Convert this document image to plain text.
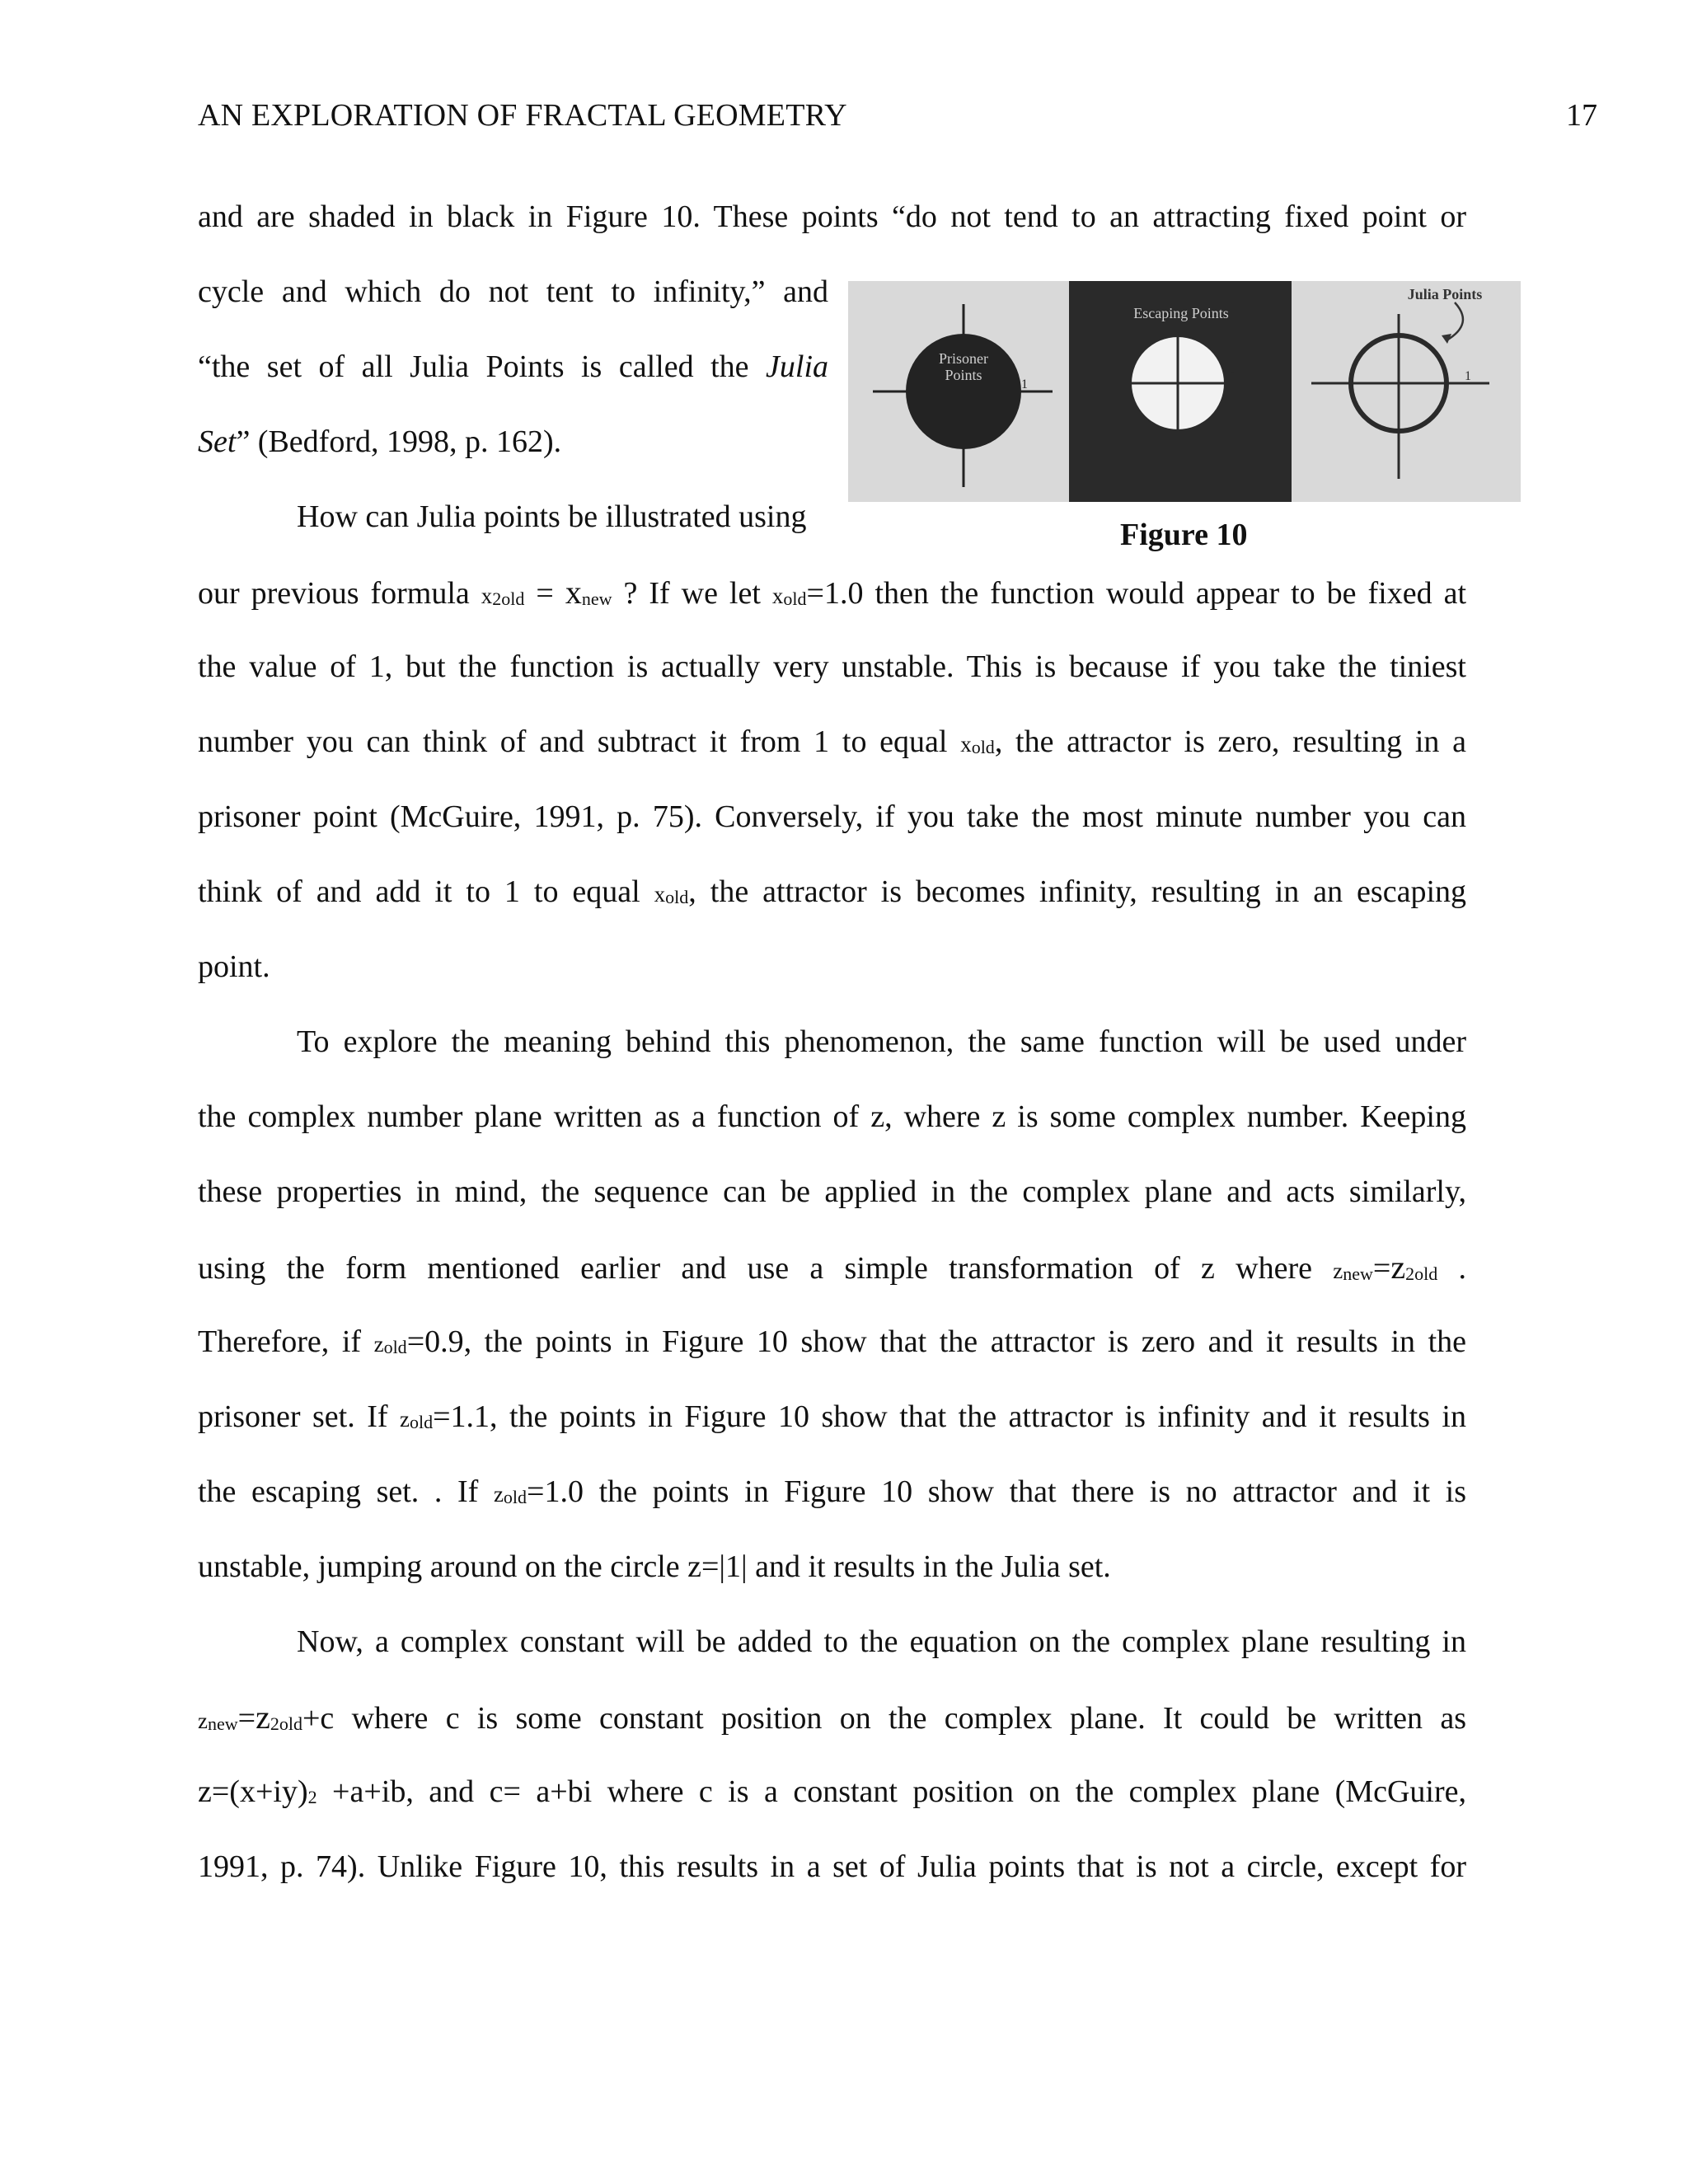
AN EXPLORATION OF FRACTAL GEOMETRY	17
and are shaded in black in Figure 10. These points “do not tend to an attracting fixed point or
cycle and which do not tent to infinity,” and
“the set of all Julia Points is called the Julia
Set” (Bedford, 1998, p. 162).
How can Julia points be illustrated using
Prisoner
Points
1
Escaping Points
1
Julia Points
1
Figure 10
our previous formula x2old = xnew ? If we let xold=1.0 then the function would appear to be fixed at
the value of 1, but the function is actually very unstable. This is because if you take the tiniest
number you can think of and subtract it from 1 to equal xold, the attractor is zero, resulting in a
prisoner point (McGuire, 1991, p. 75). Conversely, if you take the most minute number you can
think of and add it to 1 to equal xold, the attractor is becomes infinity, resulting in an escaping
point.
To explore the meaning behind this phenomenon, the same function will be used under
the complex number plane written as a function of z, where z is some complex number. Keeping
these properties in mind, the sequence can be applied in the complex plane and acts similarly,
using the form mentioned earlier and use a simple transformation of z where znew=z2old .
Therefore, if zold=0.9, the points in Figure 10 show that the attractor is zero and it results in the
prisoner set. If zold=1.1, the points in Figure 10 show that the attractor is infinity and it results in
the escaping set. . If zold=1.0 the points in Figure 10 show that there is no attractor and it is
unstable, jumping around on the circle z=|1| and it results in the Julia set.
Now, a complex constant will be added to the equation on the complex plane resulting in
znew=z2old+c where c is some constant position on the complex plane. It could be written as
z=(x+iy)2 +a+ib, and c= a+bi where c is a constant position on the complex plane (McGuire,
1991, p. 74). Unlike Figure 10, this results in a set of Julia points that is not a circle, except for
